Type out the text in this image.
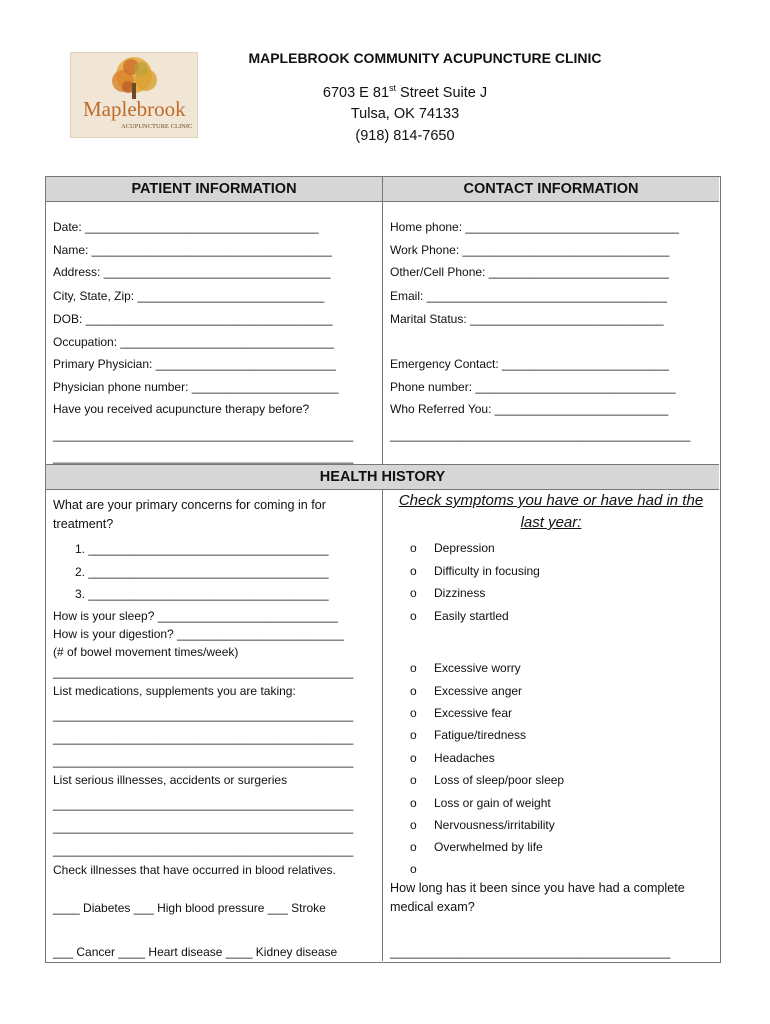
Maplebrook
ACUPUNCTURE CLINIC
MAPLEBROOK COMMUNITY ACUPUNCTURE CLINIC
6703 E 81st Street Suite J
Tulsa, OK 74133
(918) 814-7650
PATIENT INFORMATION	CONTACT INFORMATION
Date: ___________________________________
Name: ____________________________________
Address: __________________________________
City, State, Zip: ____________________________
DOB: _____________________________________
Occupation: ________________________________
Primary Physician: ___________________________
Physician phone number: ______________________
Have you received acupuncture therapy before?
_____________________________________________
_____________________________________________
Home phone: ________________________________
Work Phone: _______________________________
Other/Cell Phone: ___________________________
Email: ____________________________________
Marital Status: _____________________________
Emergency Contact: _________________________
Phone number: ______________________________
Who Referred You: __________________________
_____________________________________________
HEALTH HISTORY
What are your primary concerns for coming in for
treatment?
1. ____________________________________
2. ____________________________________
3. ____________________________________
How is your sleep? ___________________________
How is your digestion? _________________________
(# of bowel movement times/week)
_____________________________________________
List medications, supplements you are taking:
_____________________________________________
_____________________________________________
_____________________________________________
List serious illnesses, accidents or surgeries
_____________________________________________
_____________________________________________
_____________________________________________
Check illnesses that have occurred in blood relatives.
____ Diabetes ___ High blood pressure ___ Stroke
___ Cancer ____ Heart disease ____ Kidney disease
Check symptoms you have or have had in the
last year:
o Depression
o Difficulty in focusing
o Dizziness
o Easily startled
o Excessive worry
o Excessive anger
o Excessive fear
o Fatigue/tiredness
o Headaches
o Loss of sleep/poor sleep
o Loss or gain of weight
o Nervousness/irritability
o Overwhelmed by life
o
How long has it been since you have had a complete
medical exam?
__________________________________________
